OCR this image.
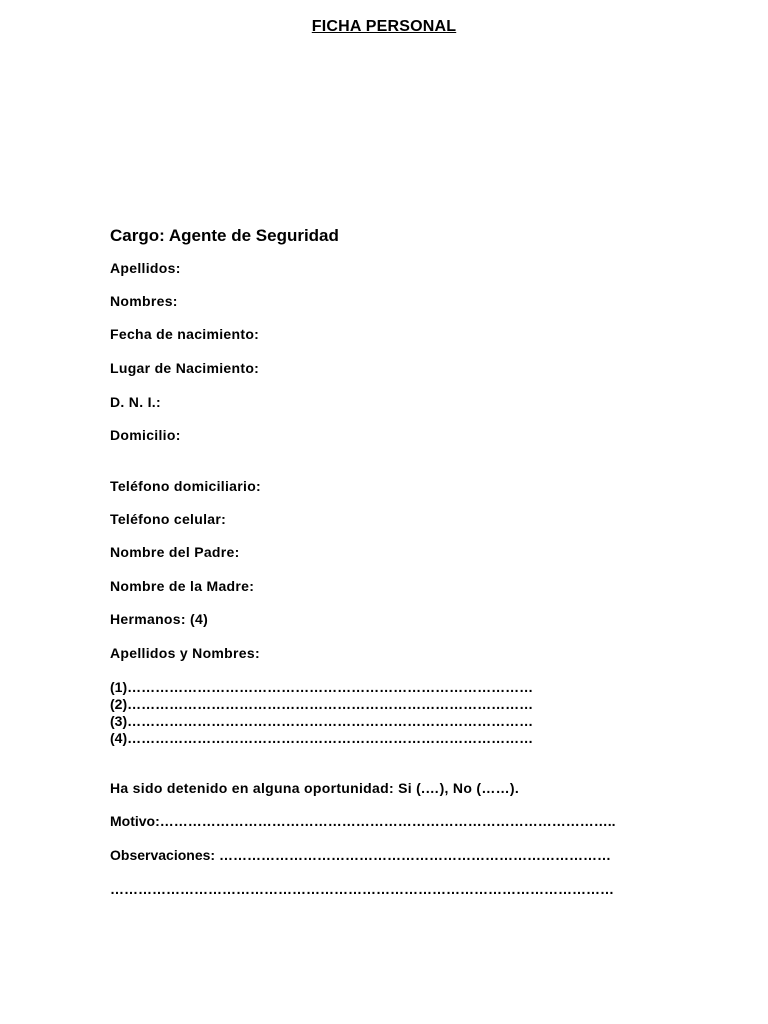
FICHA PERSONAL
Cargo: Agente de Seguridad
Apellidos:
Nombres:
Fecha de nacimiento:
Lugar de Nacimiento:
D. N. I.:
Domicilio:
Teléfono domiciliario:
Teléfono celular:
Nombre del Padre:
Nombre de la Madre:
Hermanos: (4)
Apellidos y Nombres:
(1)……………………………………………………………………………
(2)……………………………………………………………………………
(3)……………………………………………………………………………
(4)……………………………………………………………………………
Ha sido detenido en alguna oportunidad: Si (.…), No (……).
Motivo:……………………………………………………………………………………..
Observaciones: …………………………………………………………………………
………………………………………………………………………………………………
